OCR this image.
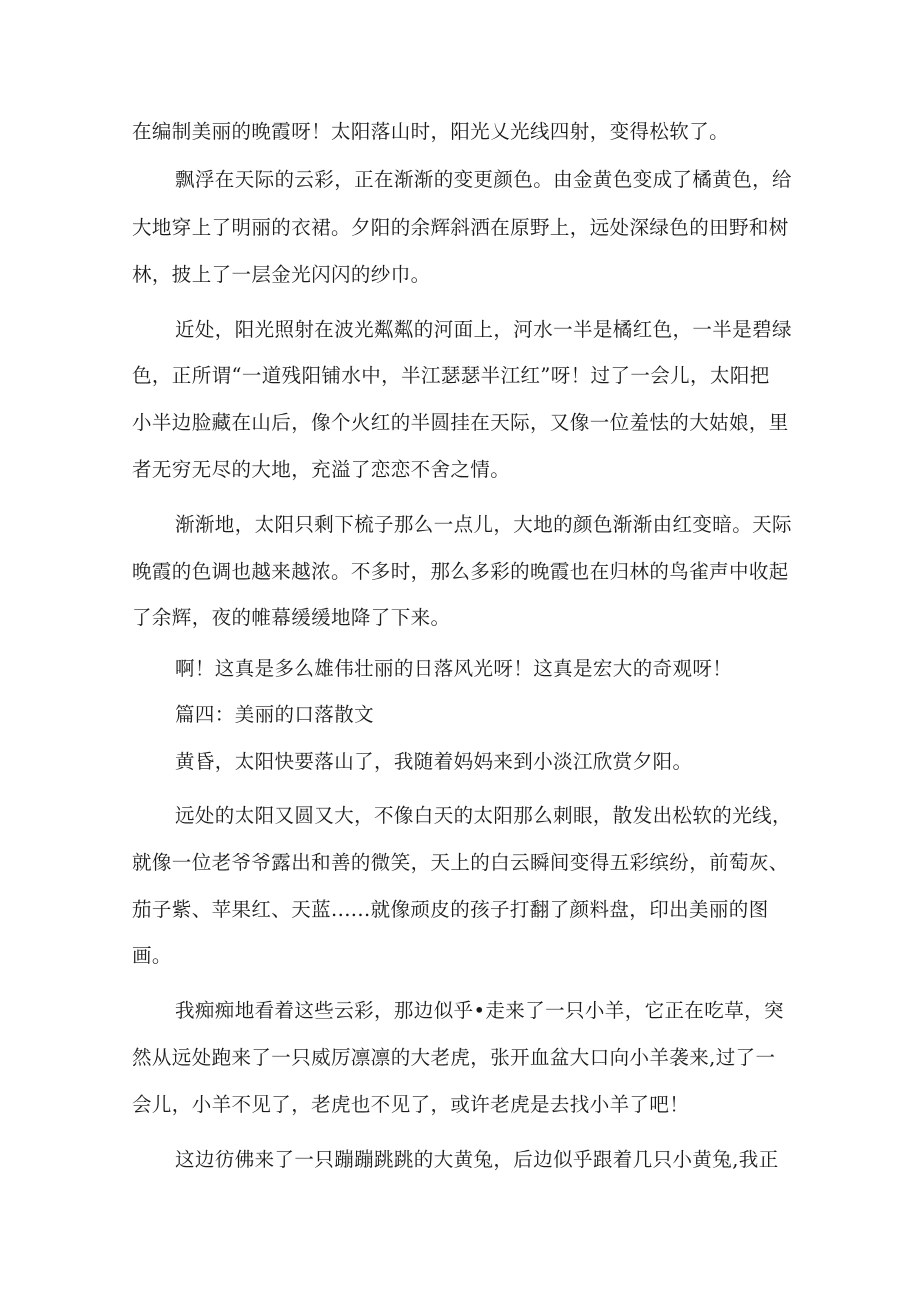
在编制美丽的晚霞呀！太阳落山时，阳光乂光线四射，变得松软了。
飘浮在天际的云彩，正在渐渐的变更颜色。由金黄色变成了橘黄色，给
大地穿上了明丽的衣裙。夕阳的余辉斜洒在原野上，远处深绿色的田野和树
林，披上了一层金光闪闪的纱巾。
近处，阳光照射在波光粼粼的河面上，河水一半是橘红色，一半是碧绿
色，正所谓“一道残阳铺水中，半江瑟瑟半江红”呀！过了一会儿，太阳把
小半边脸藏在山后，像个火红的半圆挂在天际，又像一位羞怯的大姑娘，里
者无穷无尽的大地，充溢了恋恋不舍之情。
渐渐地，太阳只剩下梳子那么一点儿，大地的颜色渐渐由红变暗。天际
晚霞的色调也越来越浓。不多时，那么多彩的晚霞也在归林的鸟雀声中收起
了余辉，夜的帷幕缓缓地降了下来。
啊！这真是多么雄伟壮丽的日落风光呀！这真是宏大的奇观呀！
篇四：美丽的口落散文
黄昏，太阳快要落山了，我随着妈妈来到小淡江欣赏夕阳。
远处的太阳又圆又大，不像白天的太阳那么刺眼，散发出松软的光线，
就像一位老爷爷露出和善的微笑，天上的白云瞬间变得五彩缤纷，前萄灰、
茄子紫、苹果红、天蓝......就像顽皮的孩子打翻了颜料盘，印出美丽的图
画。
我痴痴地看着这些云彩，那边似乎•走来了一只小羊，它正在吃草，突
然从远处跑来了一只威厉凛凛的大老虎，张开血盆大口向小羊袭来,过了一
会儿，小羊不见了，老虎也不见了，或许老虎是去找小羊了吧！
这边彷佛来了一只蹦蹦跳跳的大黄兔，后边似乎跟着几只小黄兔,我正
